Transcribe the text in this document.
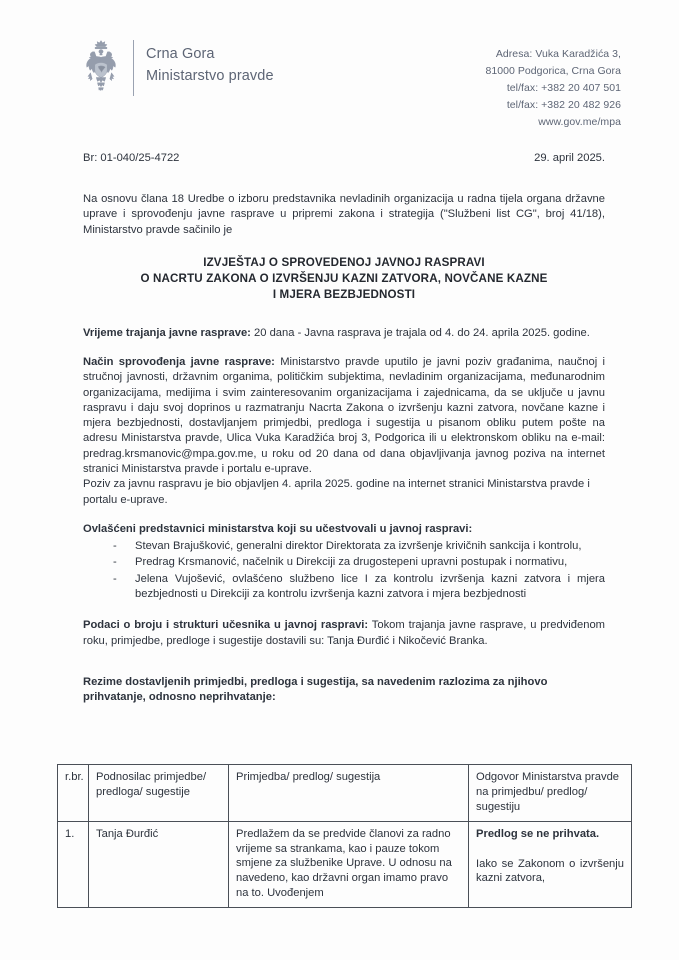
Crna Gora
Ministarstvo pravde
Adresa: Vuka Karadžića 3,
81000 Podgorica, Crna Gora
tel/fax: +382 20 407 501
tel/fax: +382 20 482 926
www.gov.me/mpa
Br: 01-040/25-4722	29. april 2025.

Na osnovu člana 18 Uredbe o izboru predstavnika nevladinih organizacija u radna tijela organa državne uprave i sprovođenju javne rasprave u pripremi zakona i strategija ("Službeni list CG", broj 41/18), Ministarstvo pravde sačinilo je

IZVJEŠTAJ O SPROVEDENOJ JAVNOJ RASPRAVI
O NACRTU ZAKONA O IZVRŠENJU KAZNI ZATVORA, NOVČANE KAZNE
I MJERA BEZBJEDNOSTI

Vrijeme trajanja javne rasprave: 20 dana - Javna rasprava je trajala od 4. do 24. aprila 2025. godine.

Način sprovođenja javne rasprave: Ministarstvo pravde uputilo je javni poziv građanima, naučnoj i stručnoj javnosti, državnim organima, političkim subjektima, nevladinim organizacijama, međunarodnim organizacijama, medijima i svim zainteresovanim organizacijama i zajednicama, da se uključe u javnu raspravu i daju svoj doprinos u razmatranju Nacrta Zakona o izvršenju kazni zatvora, novčane kazne i mjera bezbjednosti, dostavljanjem primjedbi, predloga i sugestija u pisanom obliku putem pošte na adresu Ministarstva pravde, Ulica Vuka Karadžića broj 3, Podgorica ili u elektronskom obliku na e-mail: predrag.krsmanovic@mpa.gov.me, u roku od 20 dana od dana objavljivanja javnog poziva na internet stranici Ministarstva pravde i portalu e-uprave.

Poziv za javnu raspravu je bio objavljen 4. aprila 2025. godine na internet stranici Ministarstva pravde i portalu e-uprave.

Ovlašćeni predstavnici ministarstva koji su učestvovali u javnoj raspravi:

- Stevan Brajušković, generalni direktor Direktorata za izvršenje krivičnih sankcija i kontrolu,
- Predrag Krsmanović, načelnik u Direkciji za drugostepeni upravni postupak i normativu,
- Jelena Vujošević, ovlašćeno službeno lice I za kontrolu izvršenja kazni zatvora i mjera bezbjednosti u Direkciji za kontrolu izvršenja kazni zatvora i mjera bezbjednosti

Podaci o broju i strukturi učesnika u javnoj raspravi: Tokom trajanja javne rasprave, u predviđenom roku, primjedbe, predloge i sugestije dostavili su: Tanja Đurđić i Nikočević Branka.

Rezime dostavljenih primjedbi, predloga i sugestija, sa navedenim razlozima za njihovo prihvatanje, odnosno neprihvatanje:

r.br.	Podnosilac primjedbe/ predloga/ sugestije	Primjedba/ predlog/ sugestija	Odgovor Ministarstva pravde na primjedbu/ predlog/ sugestiju
1.	Tanja Đurđić	Predlažem da se predvide članovi za radno vrijeme sa strankama, kao i pauze tokom smjene za službenike Uprave. U odnosu na navedeno, kao državni organ imamo pravo na to. Uvođenjem	Predlog se ne prihvata.
Iako se Zakonom o izvršenju kazni zatvora,
